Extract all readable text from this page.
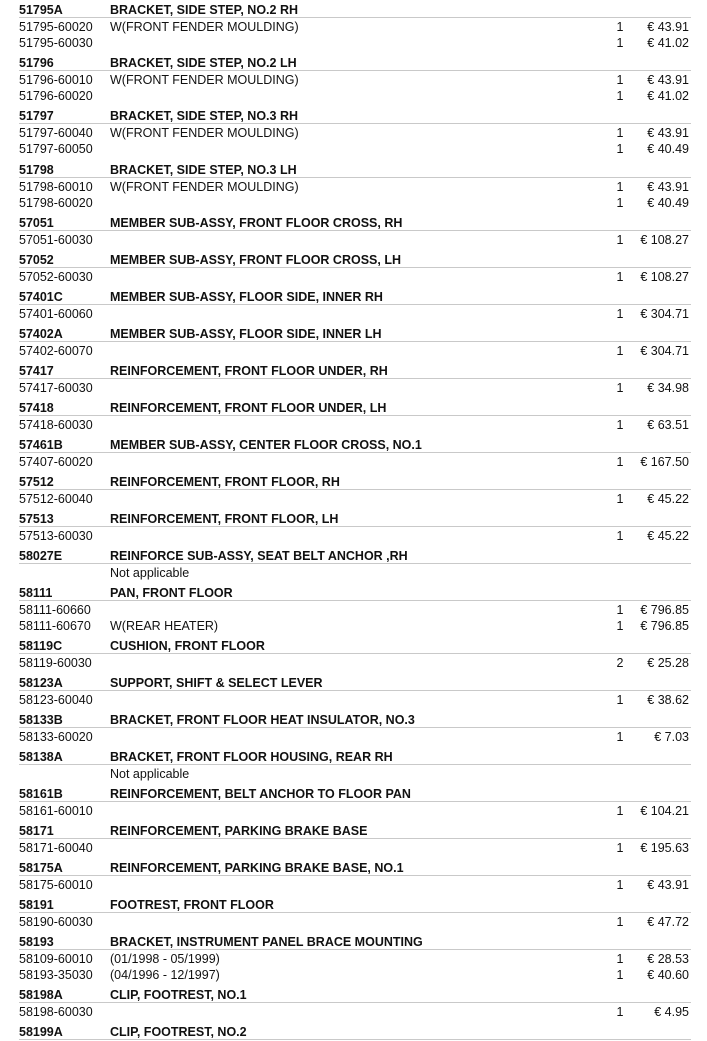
51795A	BRACKET, SIDE STEP, NO.2 RH
51795-60020 W(FRONT FENDER MOULDING)	1 € 43.91
51795-60030	1 € 41.02
51796	BRACKET, SIDE STEP, NO.2 LH
51796-60010 W(FRONT FENDER MOULDING)	1 € 43.91
51796-60020	1 € 41.02
51797	BRACKET, SIDE STEP, NO.3 RH
51797-60040 W(FRONT FENDER MOULDING)	1 € 43.91
51797-60050	1 € 40.49
51798	BRACKET, SIDE STEP, NO.3 LH
51798-60010 W(FRONT FENDER MOULDING)	1 € 43.91
51798-60020	1 € 40.49
57051	MEMBER SUB-ASSY, FRONT FLOOR CROSS, RH
57051-60030	1 € 108.27
57052	MEMBER SUB-ASSY, FRONT FLOOR CROSS, LH
57052-60030	1 € 108.27
57401C	MEMBER SUB-ASSY, FLOOR SIDE, INNER RH
57401-60060	1 € 304.71
57402A	MEMBER SUB-ASSY, FLOOR SIDE, INNER LH
57402-60070	1 € 304.71
57417	REINFORCEMENT, FRONT FLOOR UNDER, RH
57417-60030	1 € 34.98
57418	REINFORCEMENT, FRONT FLOOR UNDER, LH
57418-60030	1 € 63.51
57461B	MEMBER SUB-ASSY, CENTER FLOOR CROSS, NO.1
57407-60020	1 € 167.50
57512	REINFORCEMENT, FRONT FLOOR, RH
57512-60040	1 € 45.22
57513	REINFORCEMENT, FRONT FLOOR, LH
57513-60030	1 € 45.22
58027E	REINFORCE SUB-ASSY, SEAT BELT ANCHOR ,RH
Not applicable
58111	PAN, FRONT FLOOR
58111-60660	1 € 796.85
58111-60670 W(REAR HEATER)	1 € 796.85
58119C	CUSHION, FRONT FLOOR
58119-60030	2 € 25.28
58123A	SUPPORT, SHIFT & SELECT LEVER
58123-60040	1 € 38.62
58133B	BRACKET, FRONT FLOOR HEAT INSULATOR, NO.3
58133-60020	1 € 7.03
58138A	BRACKET, FRONT FLOOR HOUSING, REAR RH
Not applicable
58161B	REINFORCEMENT, BELT ANCHOR TO FLOOR PAN
58161-60010	1 € 104.21
58171	REINFORCEMENT, PARKING BRAKE BASE
58171-60040	1 € 195.63
58175A	REINFORCEMENT, PARKING BRAKE BASE, NO.1
58175-60010	1 € 43.91
58191	FOOTREST, FRONT FLOOR
58190-60030	1 € 47.72
58193	BRACKET, INSTRUMENT PANEL BRACE MOUNTING
58109-60010 (01/1998 - 05/1999)	1 € 28.53
58193-35030 (04/1996 - 12/1997)	1 € 40.60
58198A	CLIP, FOOTREST, NO.1
58198-60030	1 € 4.95
58199A	CLIP, FOOTREST, NO.2
